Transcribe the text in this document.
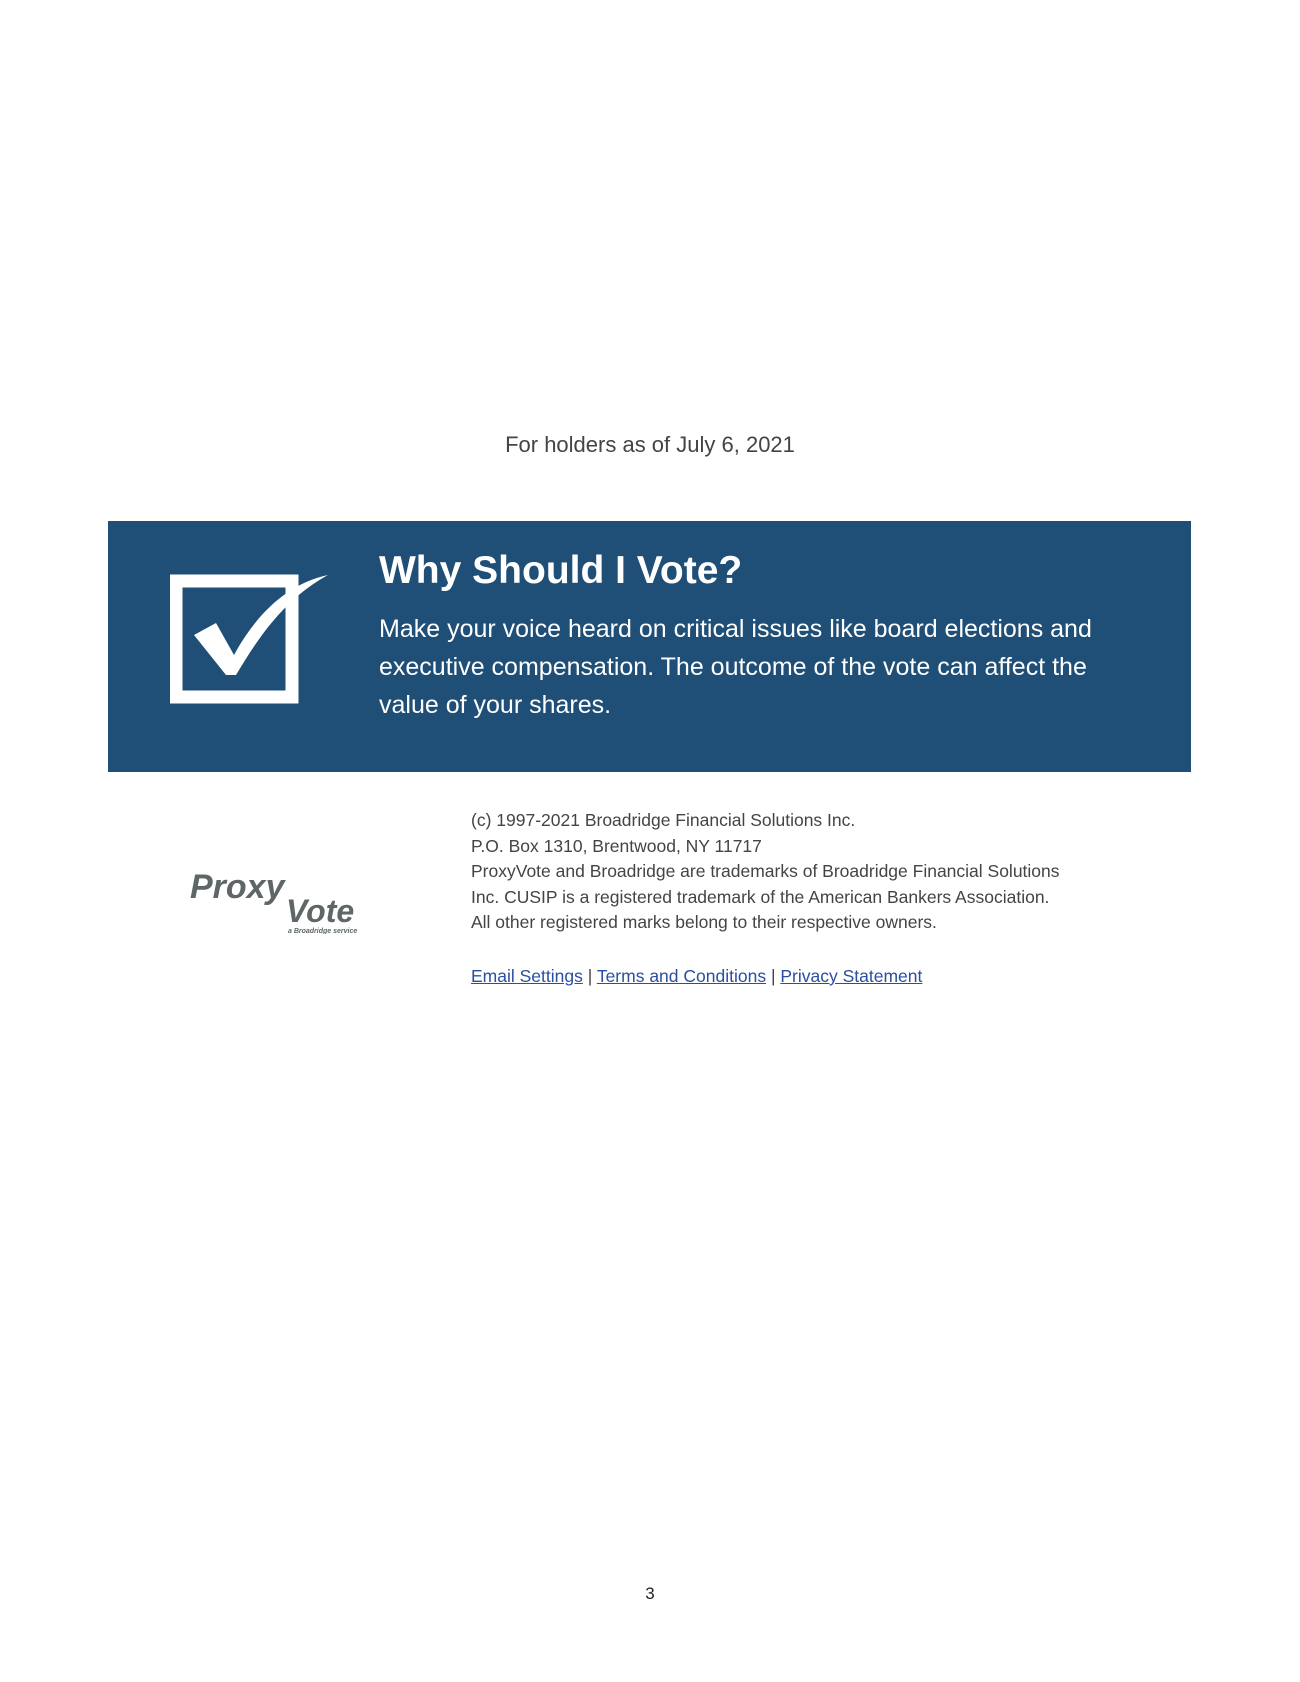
For holders as of July 6, 2021
Why Should I Vote?

Make your voice heard on critical issues like board elections and executive compensation. The outcome of the vote can affect the value of your shares.

Proxy
Vote
a Broadridge service
(c) 1997-2021 Broadridge Financial Solutions Inc.
P.O. Box 1310, Brentwood, NY 11717
ProxyVote and Broadridge are trademarks of Broadridge Financial Solutions
Inc. CUSIP is a registered trademark of the American Bankers Association.
All other registered marks belong to their respective owners.
Email Settings | Terms and Conditions | Privacy Statement
3
